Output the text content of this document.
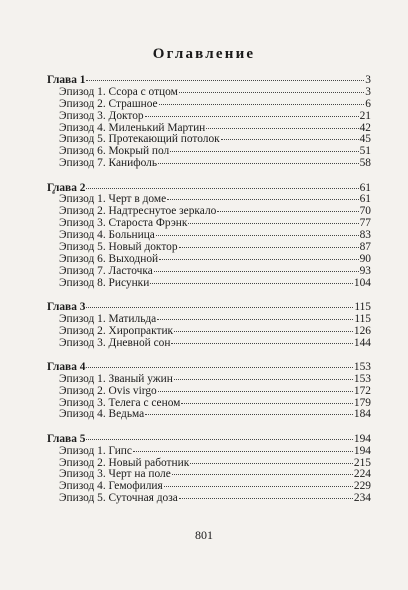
Оглавление
Глава 1	3
Эпизод 1. Ссора с отцом	3
Эпизод 2. Страшное	6
Эпизод 3. Доктор	21
Эпизод 4. Миленький Мартин	42
Эпизод 5. Протекающий потолок	45
Эпизод 6. Мокрый пол	51
Эпизод 7. Канифоль	58
Глава 2	61
Эпизод 1. Черт в доме	61
Эпизод 2. Надтреснутое зеркало	70
Эпизод 3. Староста Фрэнк	77
Эпизод 4. Больница	83
Эпизод 5. Новый доктор	87
Эпизод 6. Выходной	90
Эпизод 7. Ласточка	93
Эпизод 8. Рисунки	104
Глава 3	115
Эпизод 1. Матильда	115
Эпизод 2. Хиропрактик	126
Эпизод 3. Дневной сон	144
Глава 4	153
Эпизод 1. Званый ужин	153
Эпизод 2. Ovis virgo	172
Эпизод 3. Телега с сеном	179
Эпизод 4. Ведьма	184
Глава 5	194
Эпизод 1. Гипс	194
Эпизод 2. Новый работник	215
Эпизод 3. Черт на поле	224
Эпизод 4. Гемофилия	229
Эпизод 5. Суточная доза	234
801
